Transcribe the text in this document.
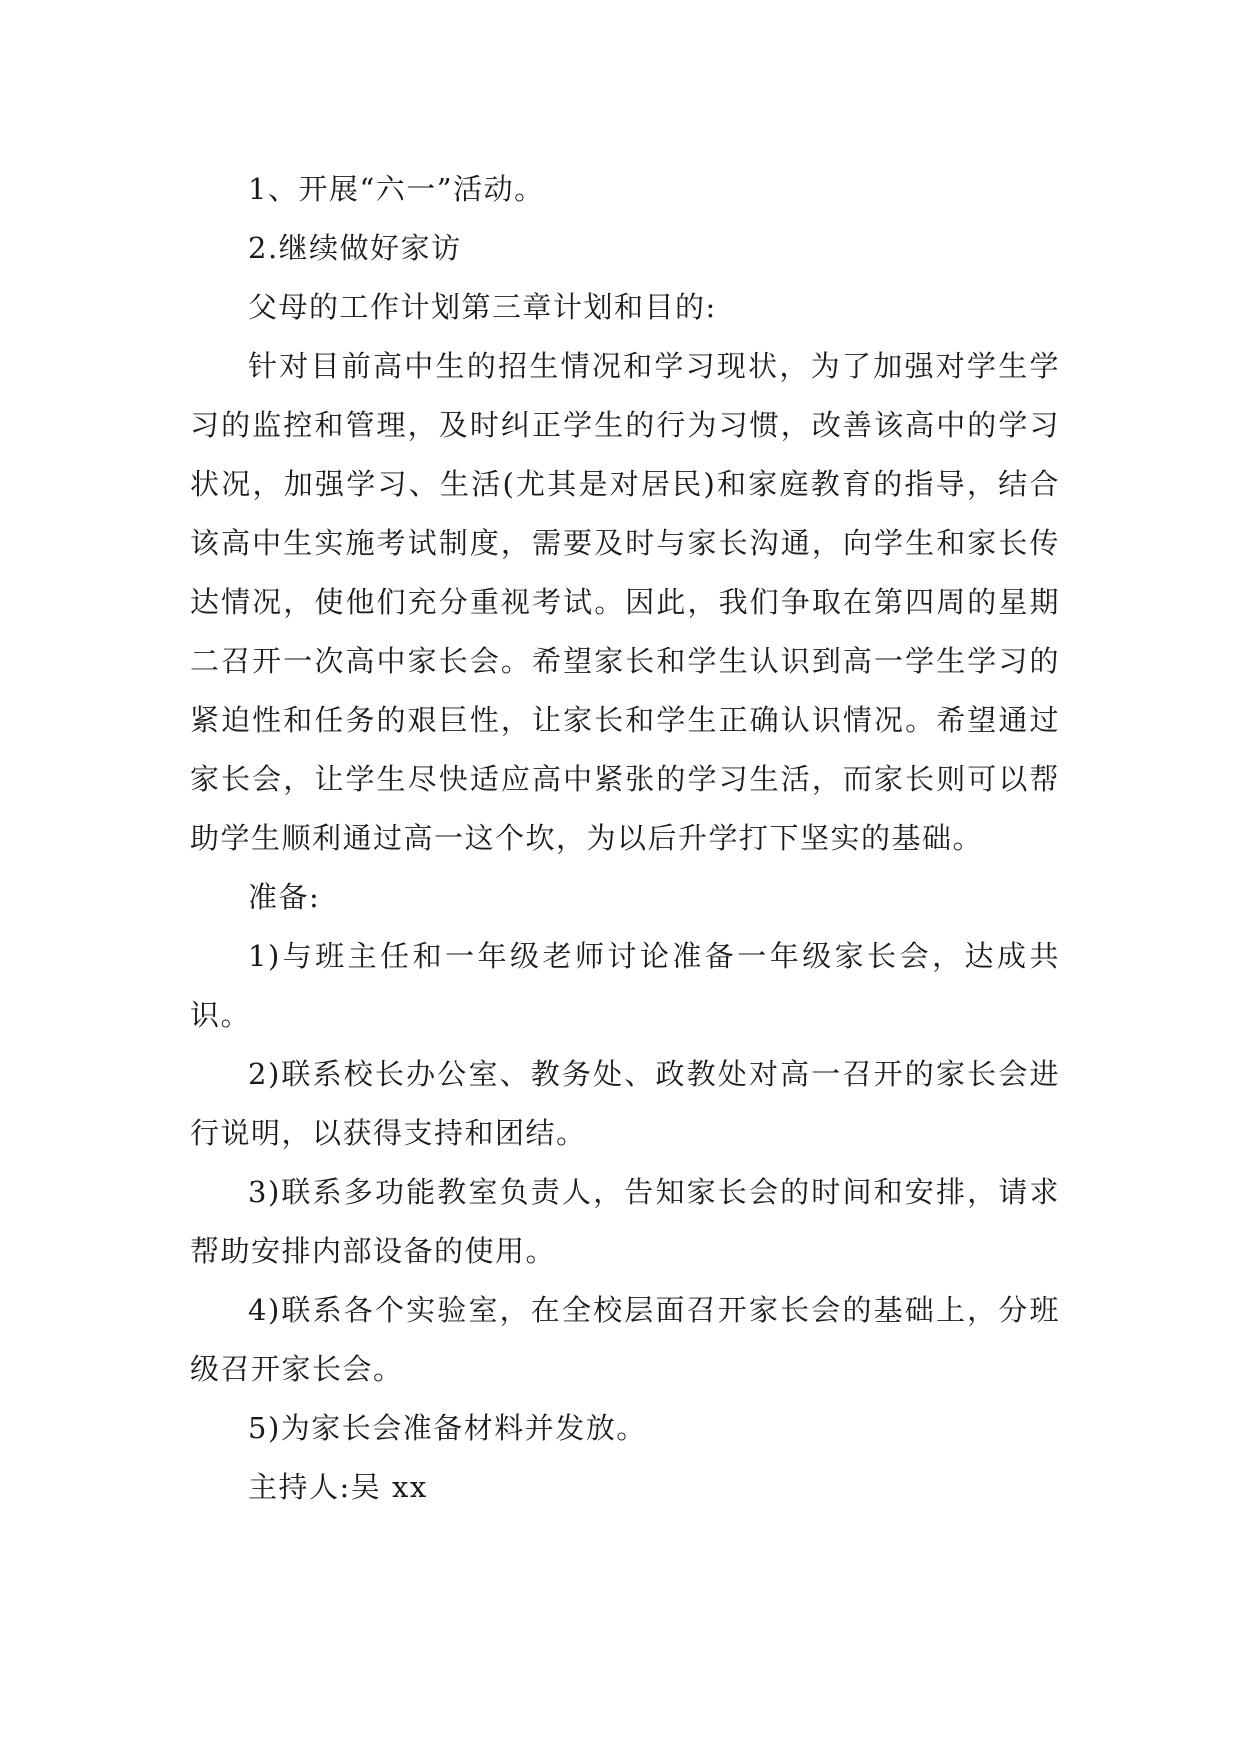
1、开展“六一”活动。

2.继续做好家访

父母的工作计划第三章计划和目的:

针对目前高中生的招生情况和学习现状，为了加强对学生学习的监控和管理，及时纠正学生的行为习惯，改善该高中的学习状况，加强学习、生活(尤其是对居民)和家庭教育的指导，结合该高中生实施考试制度，需要及时与家长沟通，向学生和家长传达情况，使他们充分重视考试。因此，我们争取在第四周的星期二召开一次高中家长会。希望家长和学生认识到高一学生学习的紧迫性和任务的艰巨性，让家长和学生正确认识情况。希望通过家长会，让学生尽快适应高中紧张的学习生活，而家长则可以帮助学生顺利通过高一这个坎，为以后升学打下坚实的基础。

准备:

1)与班主任和一年级老师讨论准备一年级家长会，达成共识。

2)联系校长办公室、教务处、政教处对高一召开的家长会进行说明，以获得支持和团结。

3)联系多功能教室负责人，告知家长会的时间和安排，请求帮助安排内部设备的使用。

4)联系各个实验室，在全校层面召开家长会的基础上，分班级召开家长会。

5)为家长会准备材料并发放。

主持人:吴 xx
